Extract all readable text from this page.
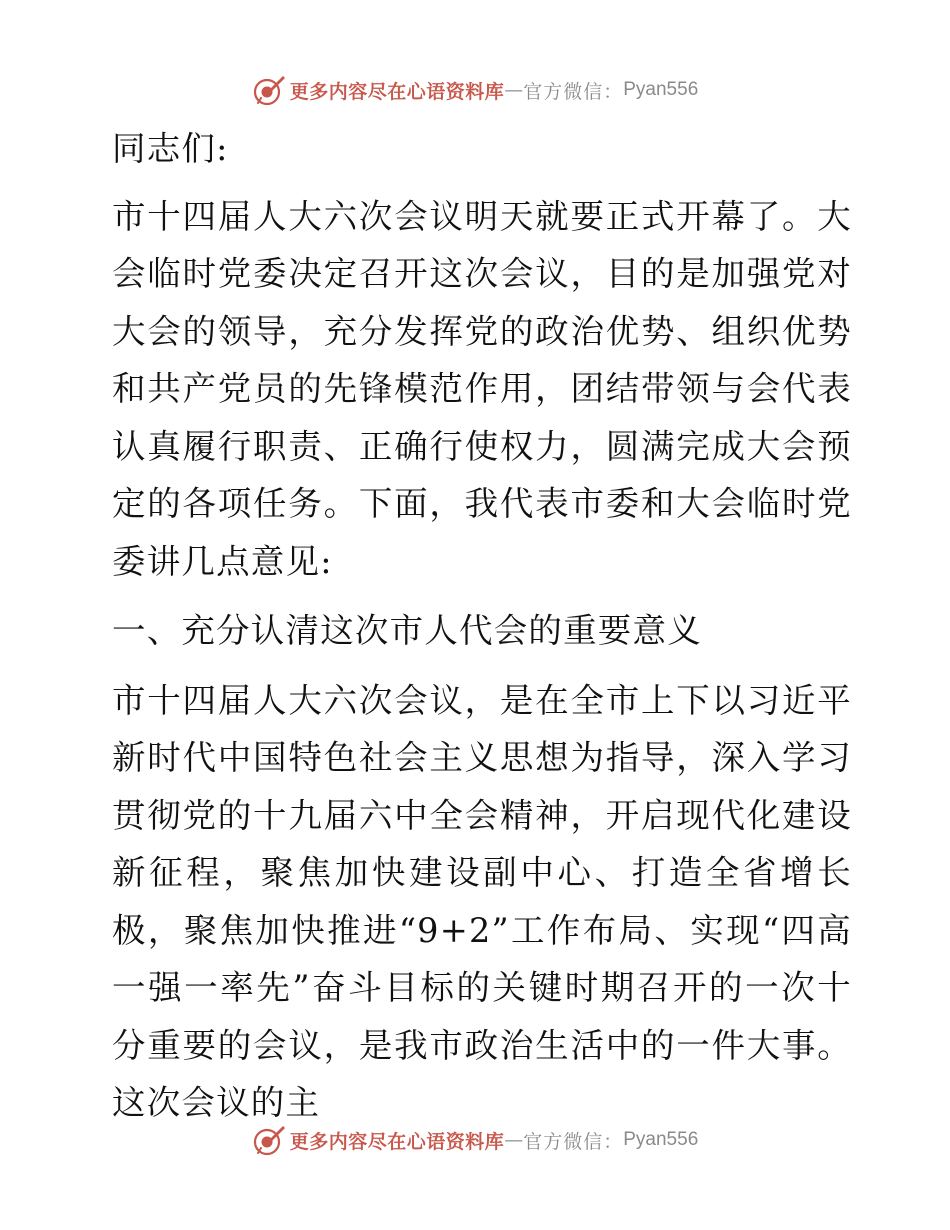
更多内容尽在心语资料库 — 官方微信： Pyan556

同志们:

市十四届人大六次会议明天就要正式开幕了。大会临时党委决定召开这次会议，目的是加强党对大会的领导，充分发挥党的政治优势、组织优势和共产党员的先锋模范作用，团结带领与会代表认真履行职责、正确行使权力，圆满完成大会预定的各项任务。下面，我代表市委和大会临时党委讲几点意见:

一、充分认清这次市人代会的重要意义

市十四届人大六次会议，是在全市上下以习近平新时代中国特色社会主义思想为指导，深入学习贯彻党的十九届六中全会精神，开启现代化建设新征程，聚焦加快建设副中心、打造全省增长极，聚焦加快推进“9+2”工作布局、实现“四高一强一率先”奋斗目标的关键时期召开的一次十分重要的会议，是我市政治生活中的一件大事。这次会议的主

更多内容尽在心语资料库 — 官方微信： Pyan556
